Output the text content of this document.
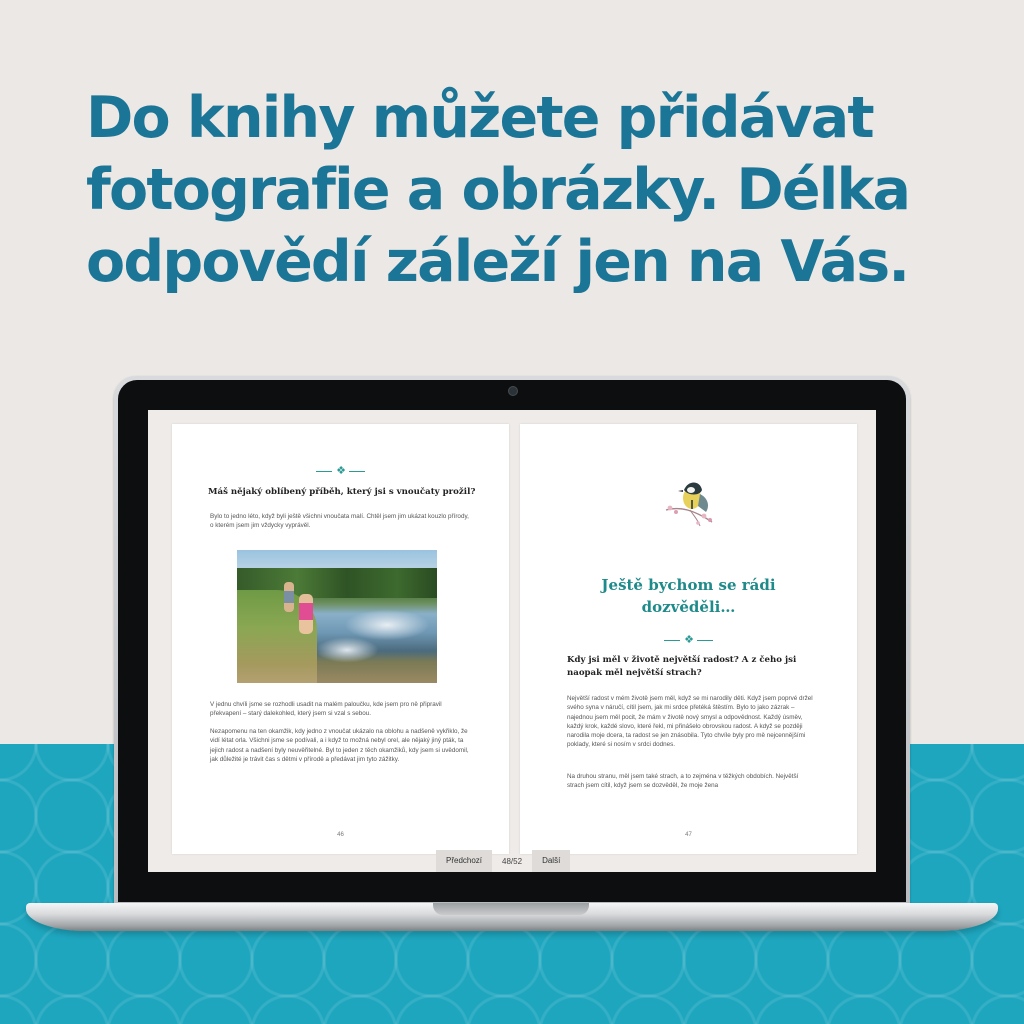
Do knihy můžete přidávat
fotografie a obrázky. Délka
odpovědí záleží jen na Vás.
❖

Máš nějaký oblíbený příběh, který jsi s vnoučaty prožil?

Bylo to jedno léto, když byli ještě všichni vnoučata malí. Chtěl jsem jim ukázat kouzlo přírody, o kterém jsem jim vždycky vyprávěl.

V jednu chvíli jsme se rozhodli usadit na malém paloučku, kde jsem pro ně připravil překvapení – starý dalekohled, který jsem si vzal s sebou.

Nezapomenu na ten okamžik, kdy jedno z vnoučat ukázalo na oblohu a nadšeně vykřiklo, že vidí létat orla. Všichni jsme se podívali, a i když to možná nebyl orel, ale nějaký jiný pták, ta jejich radost a nadšení byly neuvěřitelné. Byl to jeden z těch okamžiků, kdy jsem si uvědomil, jak důležité je trávit čas s dětmi v přírodě a předávat jim tyto zážitky.

46
Ještě bychom se rádi
dozvěděli…
❖

Kdy jsi měl v životě největší radost? A z čeho jsi naopak měl největší strach?

Největší radost v mém životě jsem měl, když se mi narodily děti. Když jsem poprvé držel svého syna v náručí, cítil jsem, jak mi srdce přetéká štěstím. Bylo to jako zázrak – najednou jsem měl pocit, že mám v životě nový smysl a odpovědnost. Každý úsměv, každý krok, každé slovo, které řekl, mi přinášelo obrovskou radost. A když se později narodila moje dcera, ta radost se jen znásobila. Tyto chvíle byly pro mě nejcennějšími poklady, které si nosím v srdci dodnes.

Na druhou stranu, měl jsem také strach, a to zejména v těžkých obdobích. Největší strach jsem cítil, když jsem se dozvěděl, že moje žena

47
Předchozí	48/52	Další
